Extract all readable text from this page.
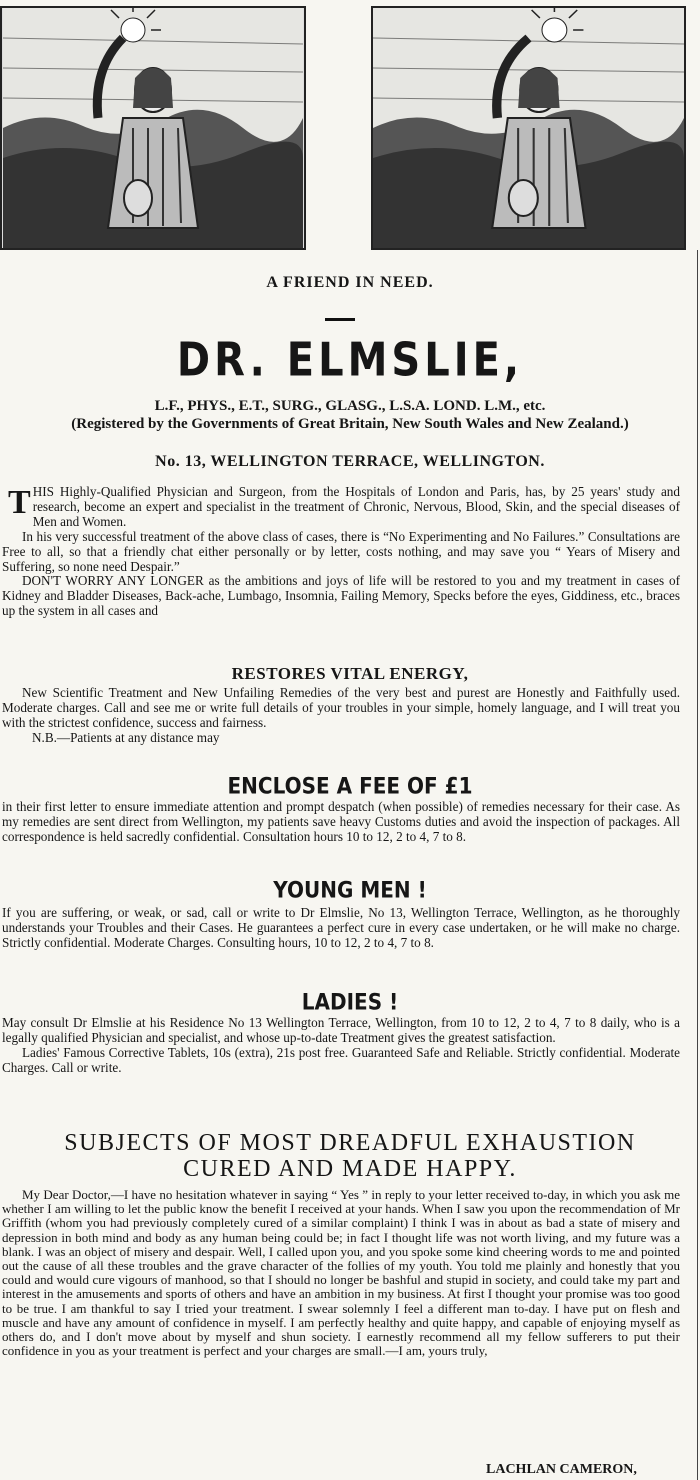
A FRIEND IN NEED.
DR. ELMSLIE,
L.F., PHYS., E.T., SURG., GLASG., L.S.A. LOND. L.M., etc.
(Registered by the Governments of Great Britain, New South Wales and New Zealand.)
No. 13, WELLINGTON TERRACE, WELLINGTON.

THIS Highly-Qualified Physician and Surgeon, from the Hospitals of London and Paris, has, by 25 years' study and research, become an expert and specialist in the treatment of Chronic, Nervous, Blood, Skin, and the special diseases of Men and Women.

In his very successful treatment of the above class of cases, there is “No Experimenting and No Failures.” Consultations are Free to all, so that a friendly chat either personally or by letter, costs nothing, and may save you “ Years of Misery and Suffering, so none need Despair.”

DON'T WORRY ANY LONGER as the ambitions and joys of life will be restored to you and my treatment in cases of Kidney and Bladder Diseases, Back-ache, Lumbago, Insomnia, Failing Memory, Specks before the eyes, Giddiness, etc., braces up the system in all cases and

RESTORES VITAL ENERGY,

New Scientific Treatment and New Unfailing Remedies of the very best and purest are Honestly and Faithfully used. Moderate charges. Call and see me or write full details of your troubles in your simple, homely language, and I will treat you with the strictest confidence, success and fairness.

N.B.—Patients at any distance may

ENCLOSE A FEE OF £1

in their first letter to ensure immediate attention and prompt despatch (when possible) of remedies necessary for their case. As my remedies are sent direct from Wellington, my patients save heavy Customs duties and avoid the inspection of packages. All correspondence is held sacredly confidential. Consultation hours 10 to 12, 2 to 4, 7 to 8.

YOUNG MEN !

If you are suffering, or weak, or sad, call or write to Dr Elmslie, No 13, Wellington Terrace, Wellington, as he thoroughly understands your Troubles and their Cases. He guarantees a perfect cure in every case undertaken, or he will make no charge. Strictly confidential. Moderate Charges. Consulting hours, 10 to 12, 2 to 4, 7 to 8.

LADIES !

May consult Dr Elmslie at his Residence No 13 Wellington Terrace, Wellington, from 10 to 12, 2 to 4, 7 to 8 daily, who is a legally qualified Physician and specialist, and whose up-to-date Treatment gives the greatest satisfaction.

Ladies' Famous Corrective Tablets, 10s (extra), 21s post free. Guaranteed Safe and Reliable. Strictly confidential. Moderate Charges. Call or write.

SUBJECTS OF MOST DREADFUL EXHAUSTION
CURED AND MADE HAPPY.

My Dear Doctor,—I have no hesitation whatever in saying “ Yes ” in reply to your letter received to-day, in which you ask me whether I am willing to let the public know the benefit I received at your hands. When I saw you upon the recommendation of Mr Griffith (whom you had previously completely cured of a similar complaint) I think I was in about as bad a state of misery and depression in both mind and body as any human being could be; in fact I thought life was not worth living, and my future was a blank. I was an object of misery and despair. Well, I called upon you, and you spoke some kind cheering words to me and pointed out the cause of all these troubles and the grave character of the follies of my youth. You told me plainly and honestly that you could and would cure vigours of manhood, so that I should no longer be bashful and stupid in society, and could take my part and interest in the amusements and sports of others and have an ambition in my business. At first I thought your promise was too good to be true. I am thankful to say I tried your treatment. I swear solemnly I feel a different man to-day. I have put on flesh and muscle and have any amount of confidence in myself. I am perfectly healthy and quite happy, and capable of enjoying myself as others do, and I don't move about by myself and shun society. I earnestly recommend all my fellow sufferers to put their confidence in you as your treatment is perfect and your charges are small.—I am, yours truly,

LACHLAN CAMERON,
